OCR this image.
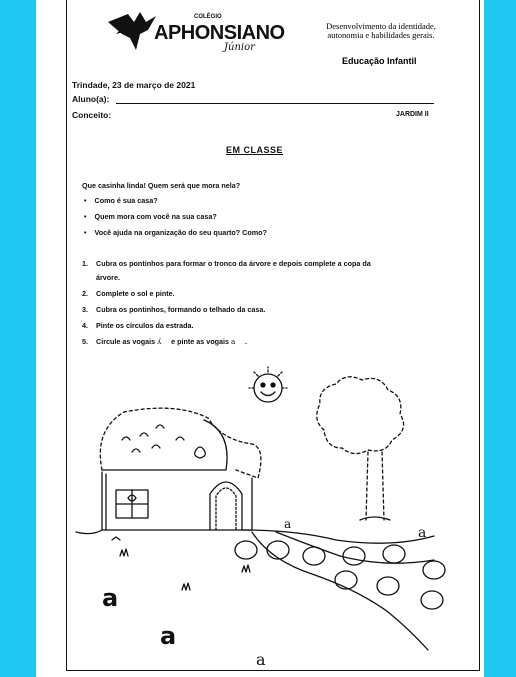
COLÉGIO
APHONSIANO
Júnior
Desenvolvimento da identidade, autonomia e habilidades gerais.
Educação Infantil
Trindade, 23 de março de 2021
Aluno(a):
Conceito:	JARDIM II
EM CLASSE
Que casinha linda! Quem será que mora nela?
• Como é sua casa?
• Quem mora com você na sua casa?
• Você ajuda na organização do seu quarto? Como?
1. Cubra os pontinhos para formar o tronco da árvore e depois complete a copa da
árvore.
2. Complete o sol e pinte.
3. Cubra os pontinhos, formando o telhado da casa.
4. Pinte os círculos da estrada.
5. Circule as vogais ʎ e pinte as vogais a .
a
a
a
a
a
